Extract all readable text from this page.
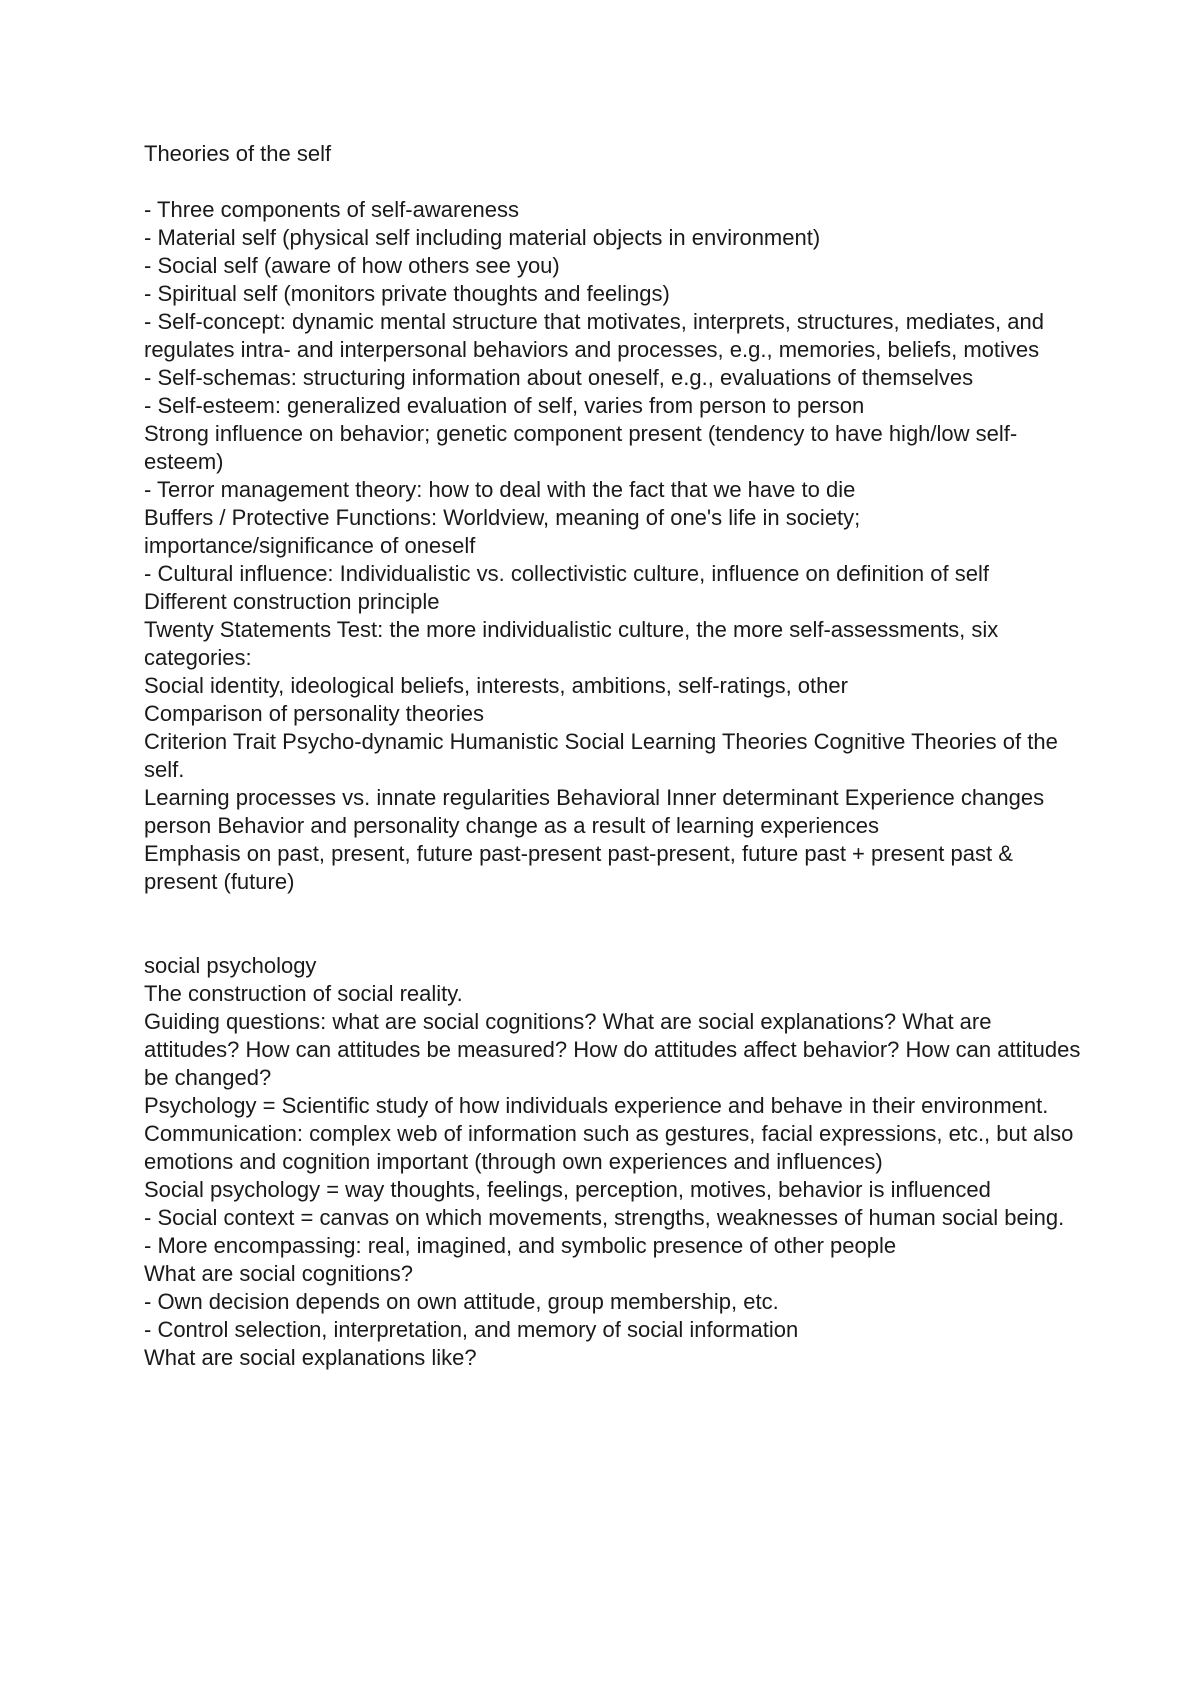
Theories of the self

- Three components of self-awareness

- Material self (physical self including material objects in environment)

- Social self (aware of how others see you)

- Spiritual self (monitors private thoughts and feelings)

- Self-concept: dynamic mental structure that motivates, interprets, structures, mediates, and regulates intra- and interpersonal behaviors and processes, e.g., memories, beliefs, motives

- Self-schemas: structuring information about oneself, e.g., evaluations of themselves

- Self-esteem: generalized evaluation of self, varies from person to person

Strong influence on behavior; genetic component present (tendency to have high/low self-esteem)

- Terror management theory: how to deal with the fact that we have to die

Buffers / Protective Functions: Worldview, meaning of one's life in society; importance/significance of oneself

- Cultural influence: Individualistic vs. collectivistic culture, influence on definition of self

Different construction principle

Twenty Statements Test: the more individualistic culture, the more self-assessments, six categories:

Social identity, ideological beliefs, interests, ambitions, self-ratings, other

Comparison of personality theories

Criterion Trait Psycho-dynamic Humanistic Social Learning Theories Cognitive Theories of the self.

Learning processes vs. innate regularities Behavioral Inner determinant Experience changes person Behavior and personality change as a result of learning experiences

Emphasis on past, present, future past-present past-present, future past + present past & present (future)

social psychology

The construction of social reality.

Guiding questions: what are social cognitions? What are social explanations? What are attitudes? How can attitudes be measured? How do attitudes affect behavior? How can attitudes be changed?

Psychology = Scientific study of how individuals experience and behave in their environment.

Communication: complex web of information such as gestures, facial expressions, etc., but also emotions and cognition important (through own experiences and influences)

Social psychology = way thoughts, feelings, perception, motives, behavior is influenced

- Social context = canvas on which movements, strengths, weaknesses of human social being.

- More encompassing: real, imagined, and symbolic presence of other people

What are social cognitions?

- Own decision depends on own attitude, group membership, etc.

- Control selection, interpretation, and memory of social information

What are social explanations like?
